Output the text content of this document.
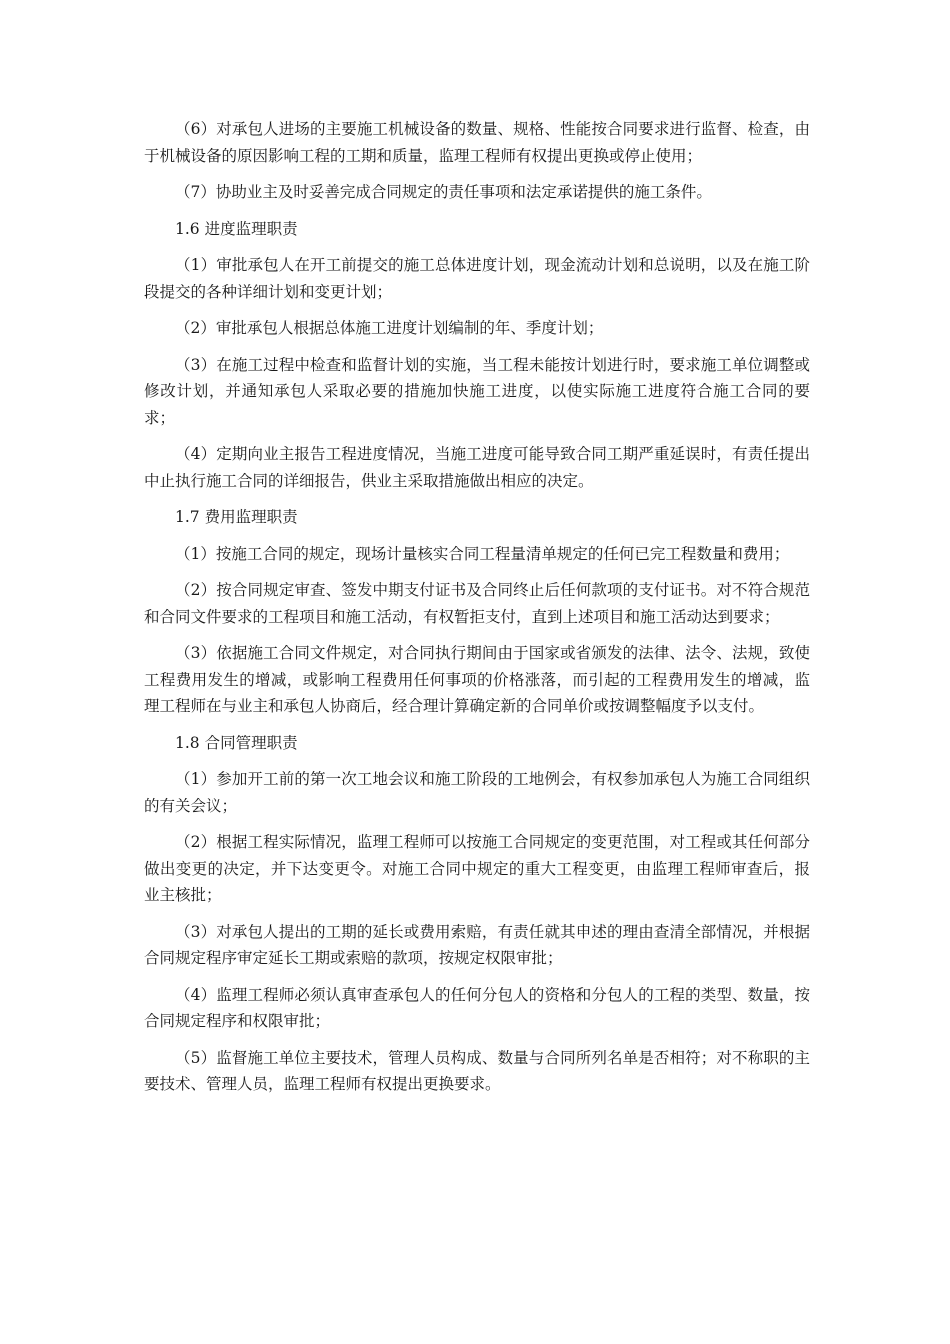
（6）对承包人进场的主要施工机械设备的数量、规格、性能按合同要求进行监督、检查，由于机械设备的原因影响工程的工期和质量，监理工程师有权提出更换或停止使用；

（7）协助业主及时妥善完成合同规定的责任事项和法定承诺提供的施工条件。

1.6 进度监理职责

（1）审批承包人在开工前提交的施工总体进度计划，现金流动计划和总说明，以及在施工阶段提交的各种详细计划和变更计划；

（2）审批承包人根据总体施工进度计划编制的年、季度计划；

（3）在施工过程中检查和监督计划的实施，当工程未能按计划进行时，要求施工单位调整或修改计划，并通知承包人采取必要的措施加快施工进度，以使实际施工进度符合施工合同的要求；

（4）定期向业主报告工程进度情况，当施工进度可能导致合同工期严重延误时，有责任提出中止执行施工合同的详细报告，供业主采取措施做出相应的决定。

1.7 费用监理职责

（1）按施工合同的规定，现场计量核实合同工程量清单规定的任何已完工程数量和费用；

（2）按合同规定审查、签发中期支付证书及合同终止后任何款项的支付证书。对不符合规范和合同文件要求的工程项目和施工活动，有权暂拒支付，直到上述项目和施工活动达到要求；

（3）依据施工合同文件规定，对合同执行期间由于国家或省颁发的法律、法令、法规，致使工程费用发生的增减，或影响工程费用任何事项的价格涨落，而引起的工程费用发生的增减，监理工程师在与业主和承包人协商后，经合理计算确定新的合同单价或按调整幅度予以支付。

1.8 合同管理职责

（1）参加开工前的第一次工地会议和施工阶段的工地例会，有权参加承包人为施工合同组织的有关会议；

（2）根据工程实际情况，监理工程师可以按施工合同规定的变更范围，对工程或其任何部分做出变更的决定，并下达变更令。对施工合同中规定的重大工程变更，由监理工程师审查后，报业主核批；

（3）对承包人提出的工期的延长或费用索赔，有责任就其申述的理由查清全部情况，并根据合同规定程序审定延长工期或索赔的款项，按规定权限审批；

（4）监理工程师必须认真审查承包人的任何分包人的资格和分包人的工程的类型、数量，按合同规定程序和权限审批；

（5）监督施工单位主要技术，管理人员构成、数量与合同所列名单是否相符；对不称职的主要技术、管理人员，监理工程师有权提出更换要求。
